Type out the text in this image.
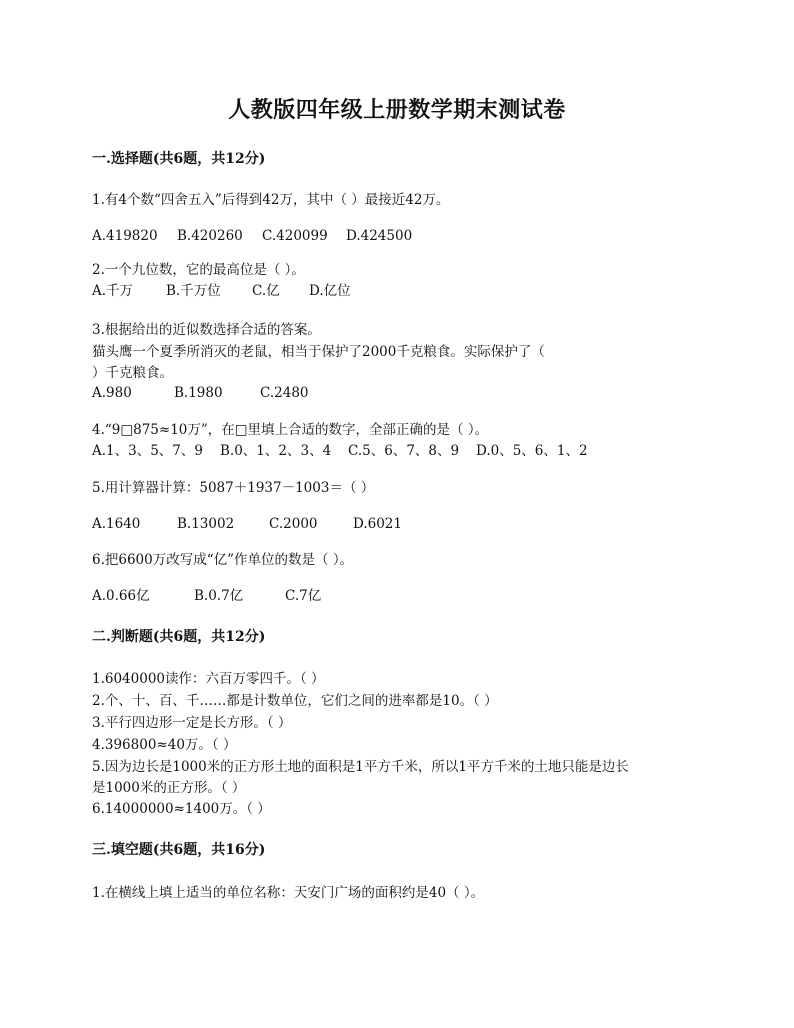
人教版四年级上册数学期末测试卷
一.选择题(共6题，共12分)
1.有4个数“四舍五入”后得到42万，其中（ ）最接近42万。
A.419820 B.420260 C.420099 D.424500
2.一个九位数，它的最高位是（ ）。
A.千万 B.千万位 C.亿 D.亿位
3.根据给出的近似数选择合适的答案。
猫头鹰一个夏季所消灭的老鼠，相当于保护了2000千克粮食。实际保护了（
）千克粮食。
A.980	B.1980	C.2480
4.“9□875≈10万”，在□里填上合适的数字，全部正确的是（ ）。
A.1、3、5、7、9 B.0、1、2、3、4 C.5、6、7、8、9 D.0、5、6、1、2
5.用计算器计算：5087＋1937－1003＝（ ）
A.1640	B.13002	C.2000	D.6021
6.把6600万改写成“亿”作单位的数是（ ）。
A.0.66亿	B.0.7亿	C.7亿
二.判断题(共6题，共12分)
1.6040000读作：六百万零四千。（ ）
2.个、十、百、千……都是计数单位，它们之间的进率都是10。（ ）
3.平行四边形一定是长方形。（ ）
4.396800≈40万。（ ）
5.因为边长是1000米的正方形土地的面积是1平方千米，所以1平方千米的土地只能是边长
是1000米的正方形。（ ）
6.14000000≈1400万。（ ）
三.填空题(共6题，共16分)
1.在横线上填上适当的单位名称：天安门广场的面积约是40（ ）。
